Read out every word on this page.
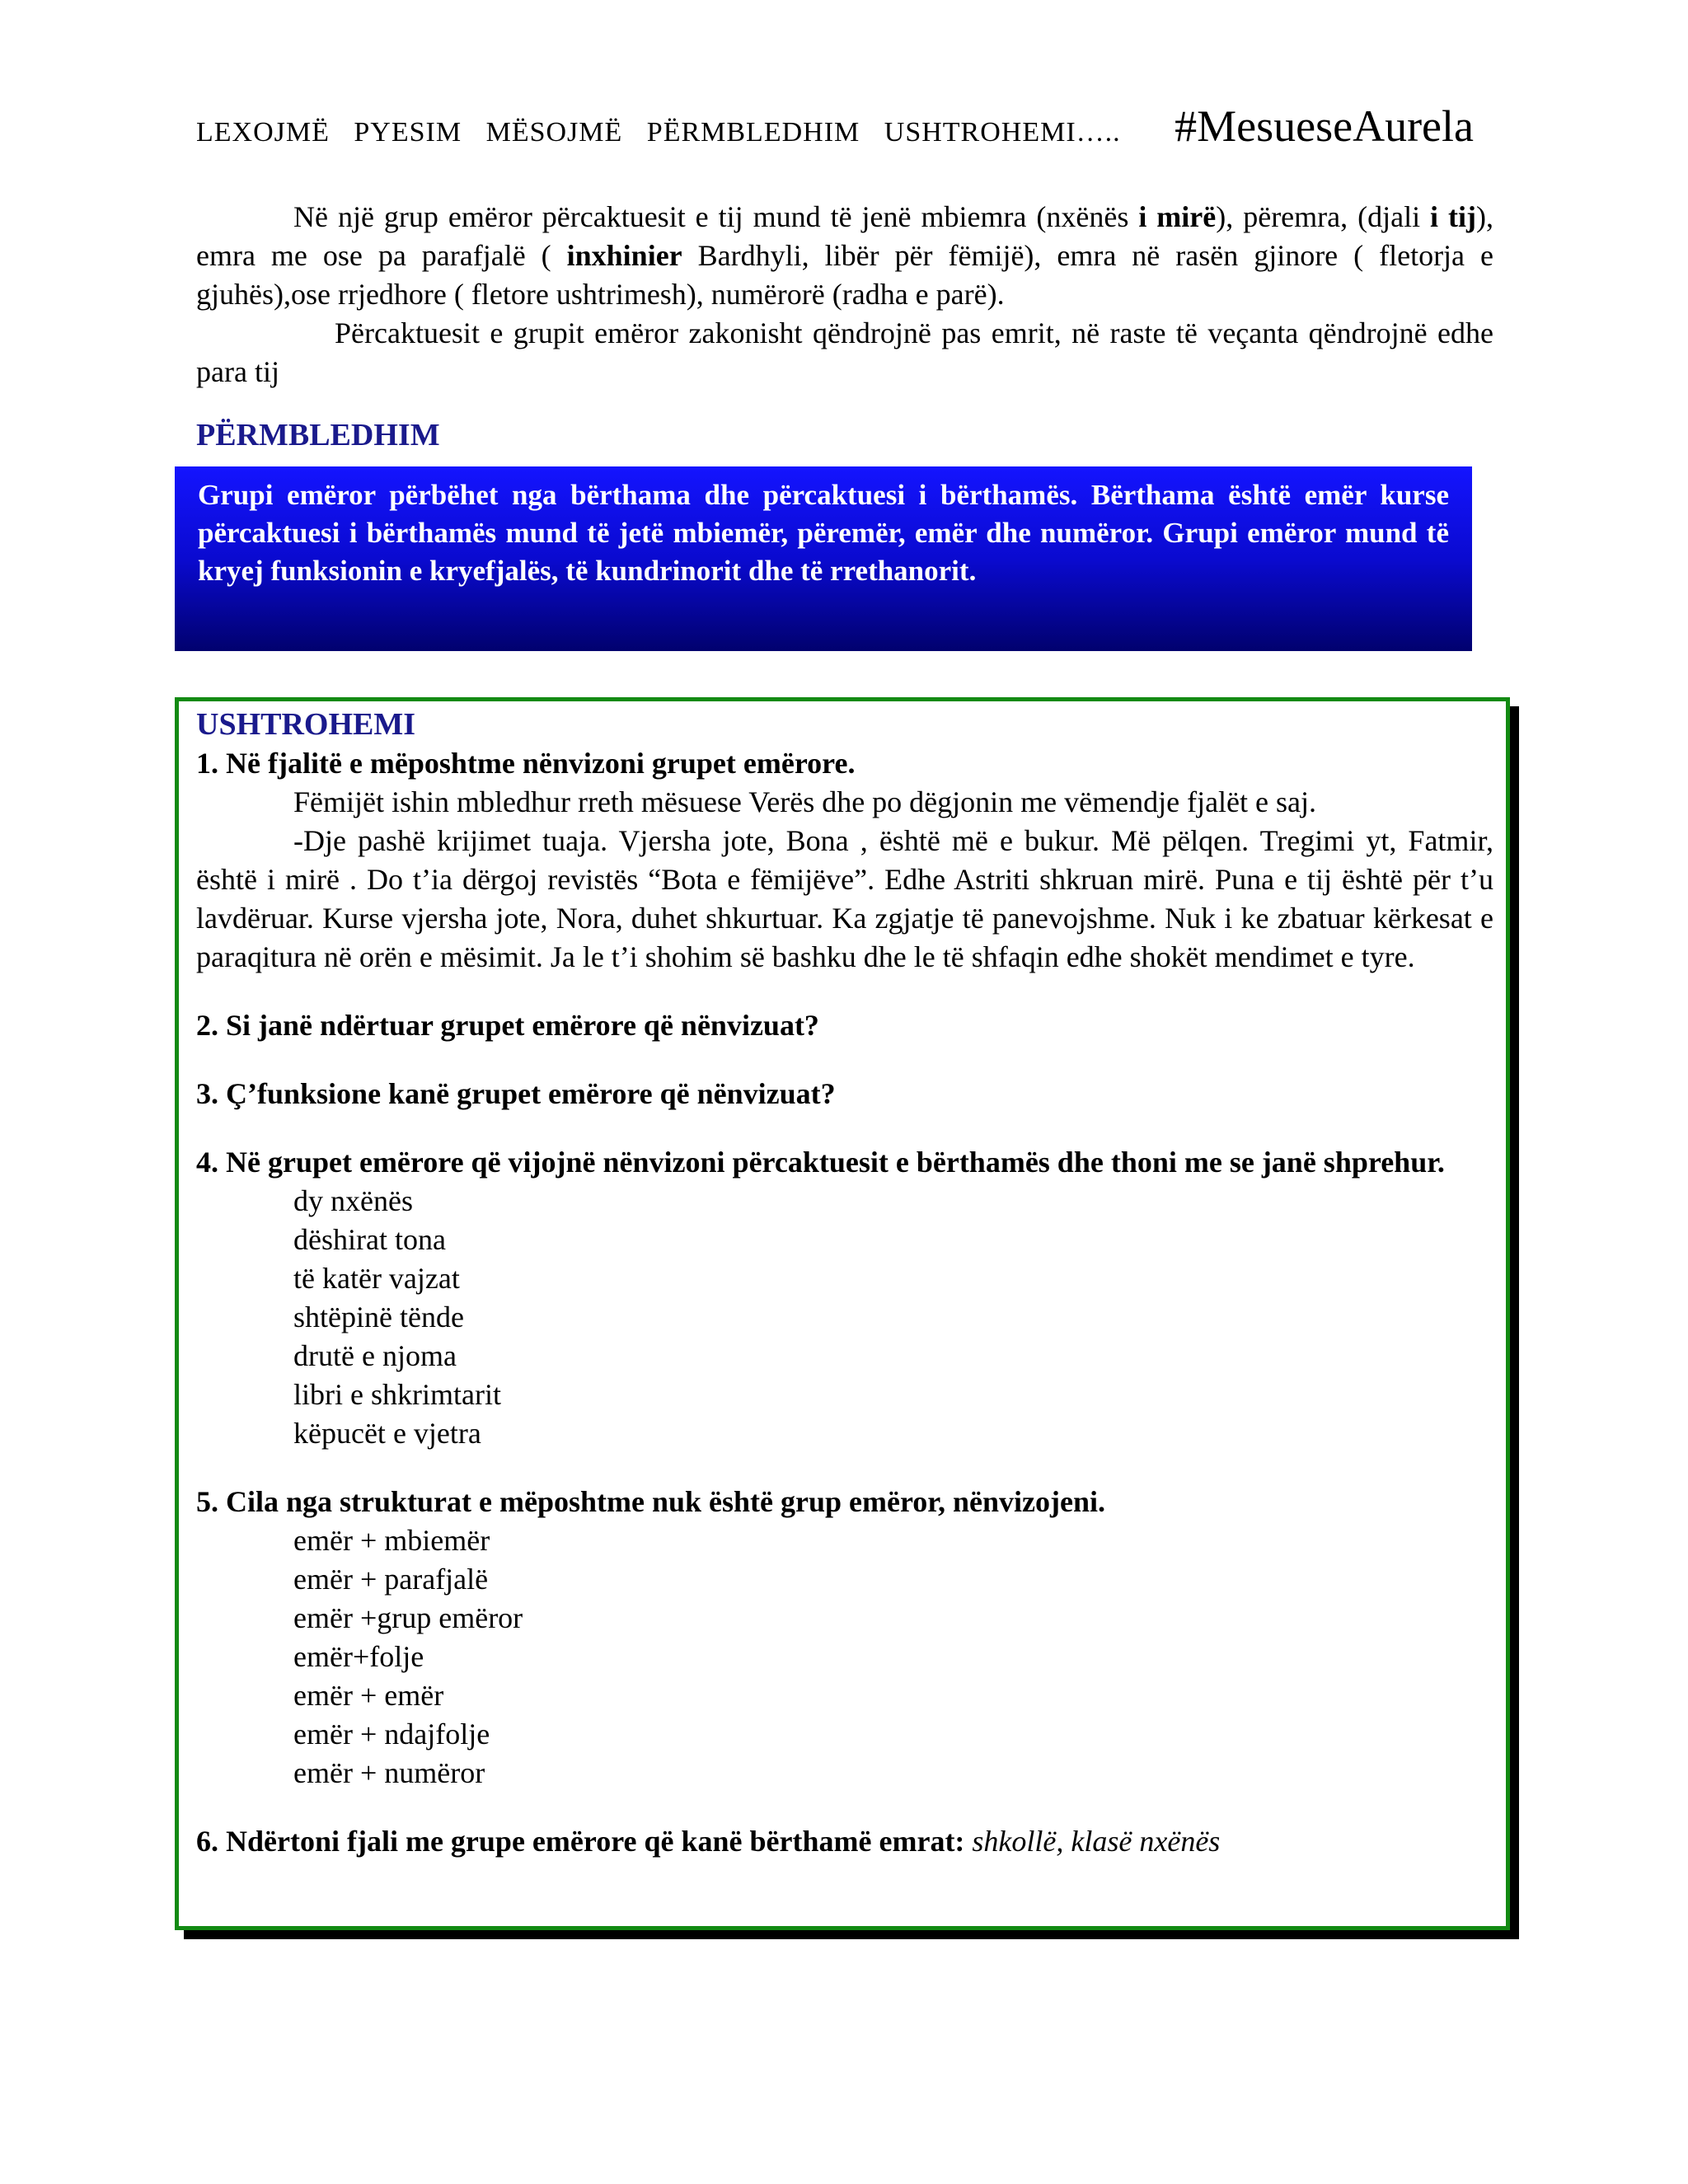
LEXOJMË PYESIM MËSOJMË PËRMBLEDHIM USHTROHEMI…..	#MesueseAurela

Në një grup emëror përcaktuesit e tij mund të jenë mbiemra (nxënës i mirë), përemra, (djali i tij), emra me ose pa parafjalë ( inxhinier Bardhyli, libër për fëmijë), emra në rasën gjinore ( fletorja e gjuhës),ose rrjedhore ( fletore ushtrimesh), numërorë (radha e parë).

Përcaktuesit e grupit emëror zakonisht qëndrojnë pas emrit, në raste të veçanta qëndrojnë edhe para tij

PËRMBLEDHIM
Grupi emëror përbëhet nga bërthama dhe përcaktuesi i bërthamës. Bërthama është emër kurse përcaktuesi i bërthamës mund të jetë mbiemër, përemër, emër dhe numëror. Grupi emëror mund të kryej funksionin e kryefjalës, të kundrinorit dhe të rrethanorit.

USHTROHEMI

1. Në fjalitë e mëposhtme nënvizoni grupet emërore.

Fëmijët ishin mbledhur rreth mësuese Verës dhe po dëgjonin me vëmendje fjalët e saj.

-Dje pashë krijimet tuaja. Vjersha jote, Bona , është më e bukur. Më pëlqen. Tregimi yt, Fatmir, është i mirë . Do t’ia dërgoj revistës “Bota e fëmijëve”. Edhe Astriti shkruan mirë. Puna e tij është për t’u lavdëruar. Kurse vjersha jote, Nora, duhet shkurtuar. Ka zgjatje të panevojshme. Nuk i ke zbatuar kërkesat e paraqitura në orën e mësimit. Ja le t’i shohim së bashku dhe le të shfaqin edhe shokët mendimet e tyre.

2. Si janë ndërtuar grupet emërore që nënvizuat?

3. Ç’funksione kanë grupet emërore që nënvizuat?

4. Në grupet emërore që vijojnë nënvizoni përcaktuesit e bërthamës dhe thoni me se janë shprehur.

dy nxënës
dëshirat tona
të katër vajzat
shtëpinë tënde
drutë e njoma
libri e shkrimtarit
këpucët e vjetra

5. Cila nga strukturat e mëposhtme nuk është grup emëror, nënvizojeni.

emër + mbiemër
emër + parafjalë
emër +grup emëror
emër+folje
emër + emër
emër + ndajfolje
emër + numëror

6. Ndërtoni fjali me grupe emërore që kanë bërthamë emrat: shkollë, klasë nxënës
